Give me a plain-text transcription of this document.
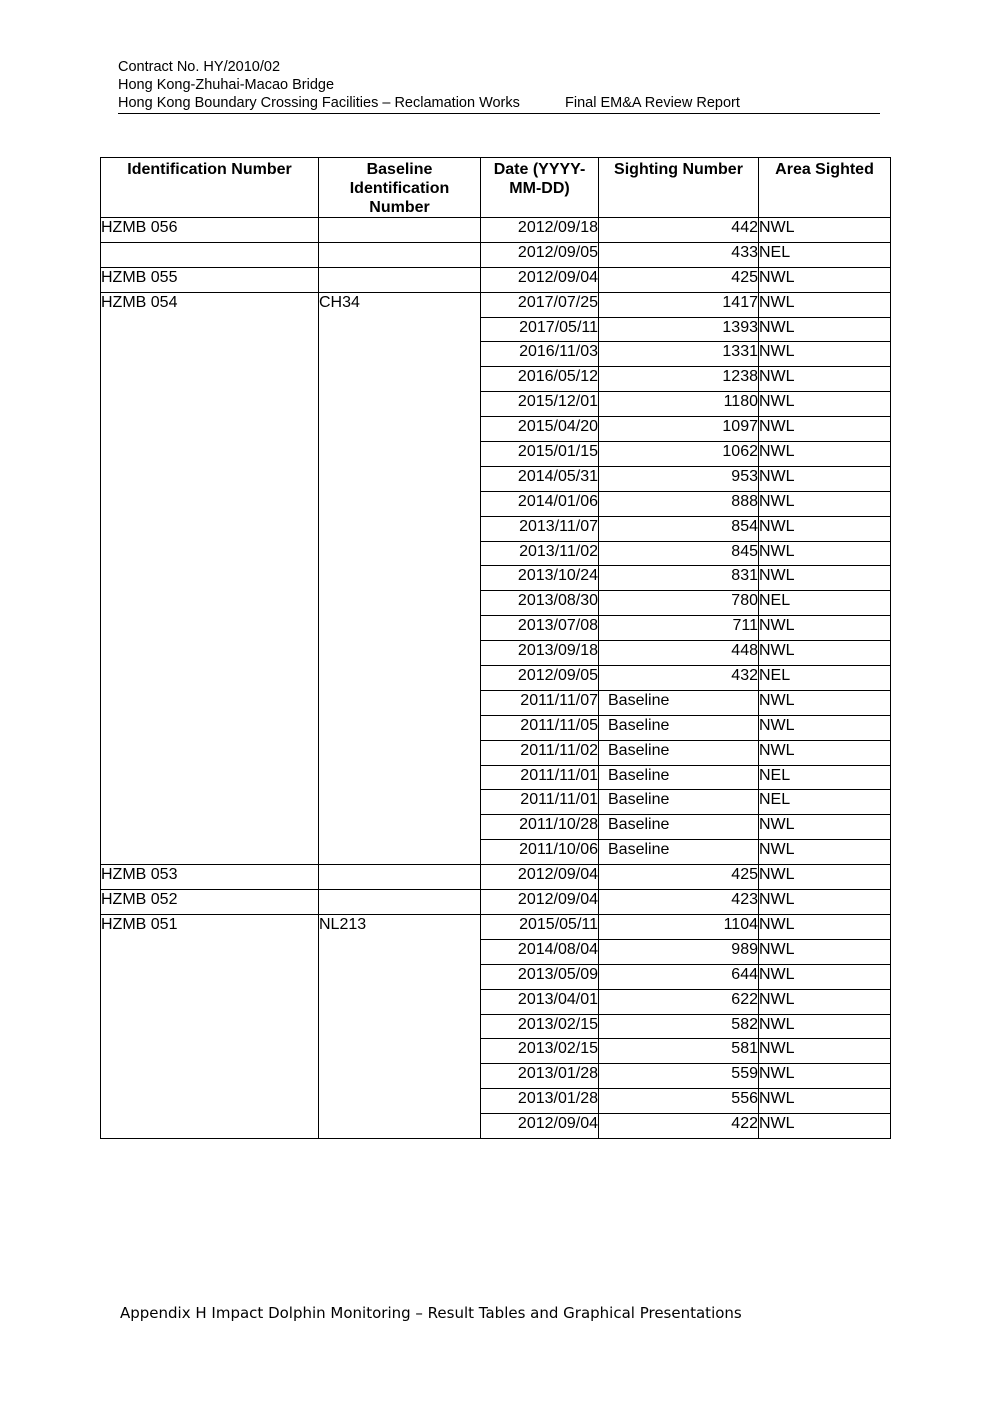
Contract No. HY/2010/02
Hong Kong-Zhuhai-Macao Bridge
Hong Kong Boundary Crossing Facilities – Reclamation Works	Final EM&A Review Report
Identification Number	Baseline Identification Number	Date (YYYY-MM-DD)	Sighting Number	Area Sighted
HZMB 056		2012/09/18	442	NWL
		2012/09/05	433	NEL
HZMB 055		2012/09/04	425	NWL
HZMB 054	CH34	2017/07/25	1417	NWL
		2017/05/11	1393	NWL
		2016/11/03	1331	NWL
		2016/05/12	1238	NWL
		2015/12/01	1180	NWL
		2015/04/20	1097	NWL
		2015/01/15	1062	NWL
		2014/05/31	953	NWL
		2014/01/06	888	NWL
		2013/11/07	854	NWL
		2013/11/02	845	NWL
		2013/10/24	831	NWL
		2013/08/30	780	NEL
		2013/07/08	711	NWL
		2013/09/18	448	NWL
		2012/09/05	432	NEL
		2011/11/07	Baseline	NWL
		2011/11/05	Baseline	NWL
		2011/11/02	Baseline	NWL
		2011/11/01	Baseline	NEL
		2011/11/01	Baseline	NEL
		2011/10/28	Baseline	NWL
		2011/10/06	Baseline	NWL
HZMB 053		2012/09/04	425	NWL
HZMB 052		2012/09/04	423	NWL
HZMB 051	NL213	2015/05/11	1104	NWL
		2014/08/04	989	NWL
		2013/05/09	644	NWL
		2013/04/01	622	NWL
		2013/02/15	582	NWL
		2013/02/15	581	NWL
		2013/01/28	559	NWL
		2013/01/28	556	NWL
		2012/09/04	422	NWL
Appendix H Impact Dolphin Monitoring – Result Tables and Graphical Presentations
